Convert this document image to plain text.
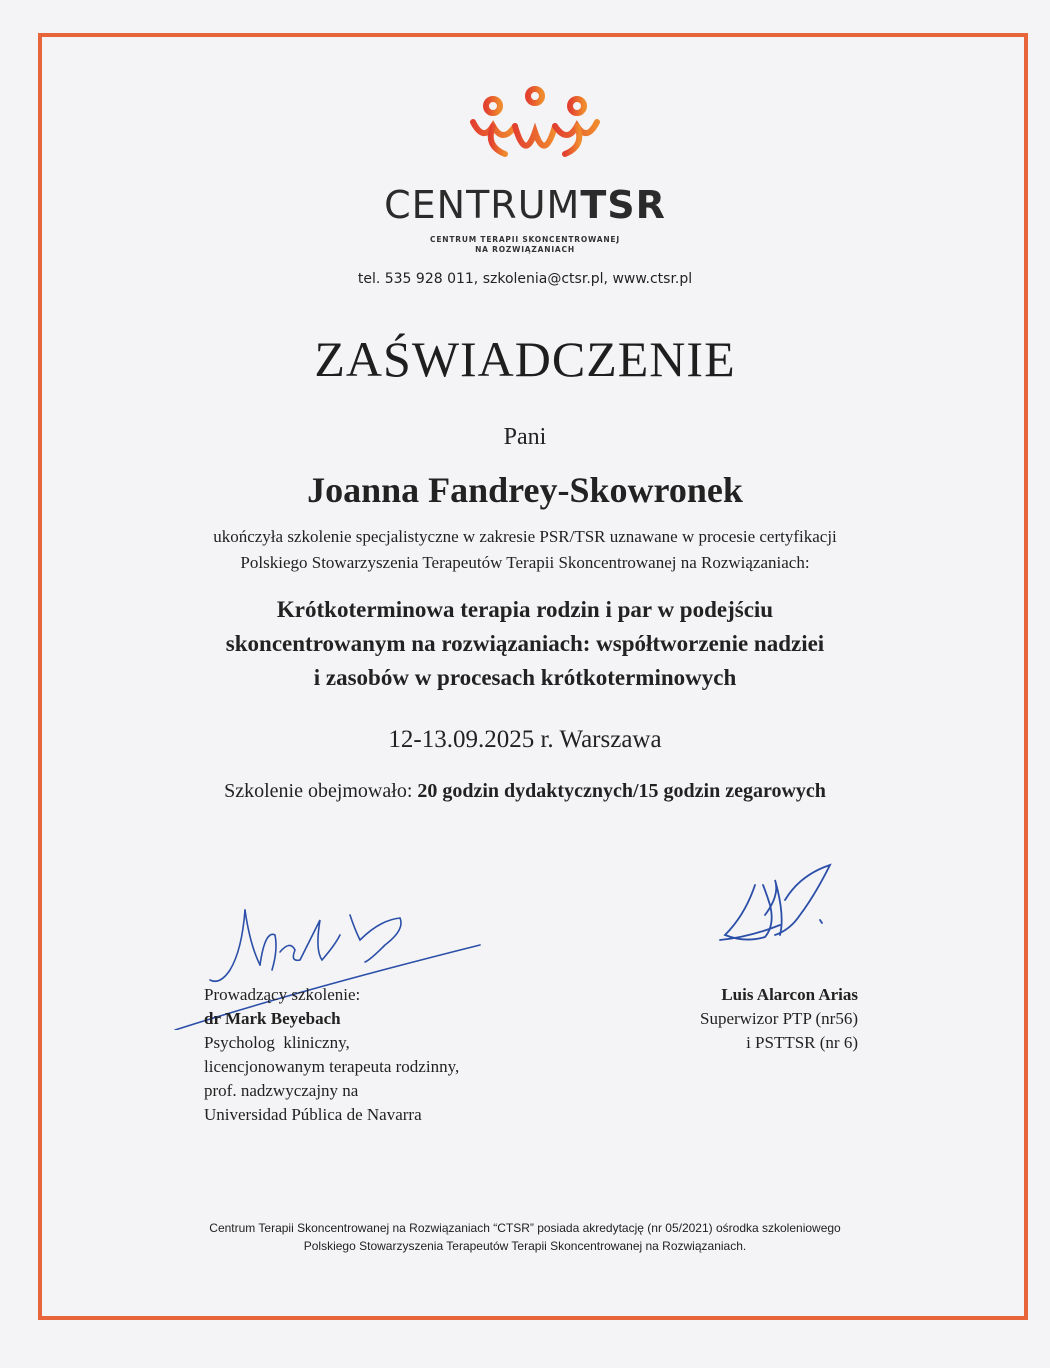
CENTRUMTSR
CENTRUM TERAPII SKONCENTROWANEJ
NA ROZWIĄZANIACH
tel. 535 928 011, szkolenia@ctsr.pl, www.ctsr.pl
ZAŚWIADCZENIE
Pani
Joanna Fandrey-Skowronek
ukończyła szkolenie specjalistyczne w zakresie PSR/TSR uznawane w procesie certyfikacji
Polskiego Stowarzyszenia Terapeutów Terapii Skoncentrowanej na Rozwiązaniach:
Krótkoterminowa terapia rodzin i par w podejściu
skoncentrowanym na rozwiązaniach: współtworzenie nadziei
i zasobów w procesach krótkoterminowych
12-13.09.2025 r. Warszawa
Szkolenie obejmowało: 20 godzin dydaktycznych/15 godzin zegarowych
Prowadzący szkolenie:
dr Mark Beyebach
Psycholog  kliniczny,
licencjonowanym terapeuta rodzinny,
prof. nadzwyczajny na
Universidad Pública de Navarra
Luis Alarcon Arias
Superwizor PTP (nr56)
i PSTTSR (nr 6)
Centrum Terapii Skoncentrowanej na Rozwiązaniach “CTSR” posiada akredytację (nr 05/2021) ośrodka szkoleniowego
Polskiego Stowarzyszenia Terapeutów Terapii Skoncentrowanej na Rozwiązaniach.
